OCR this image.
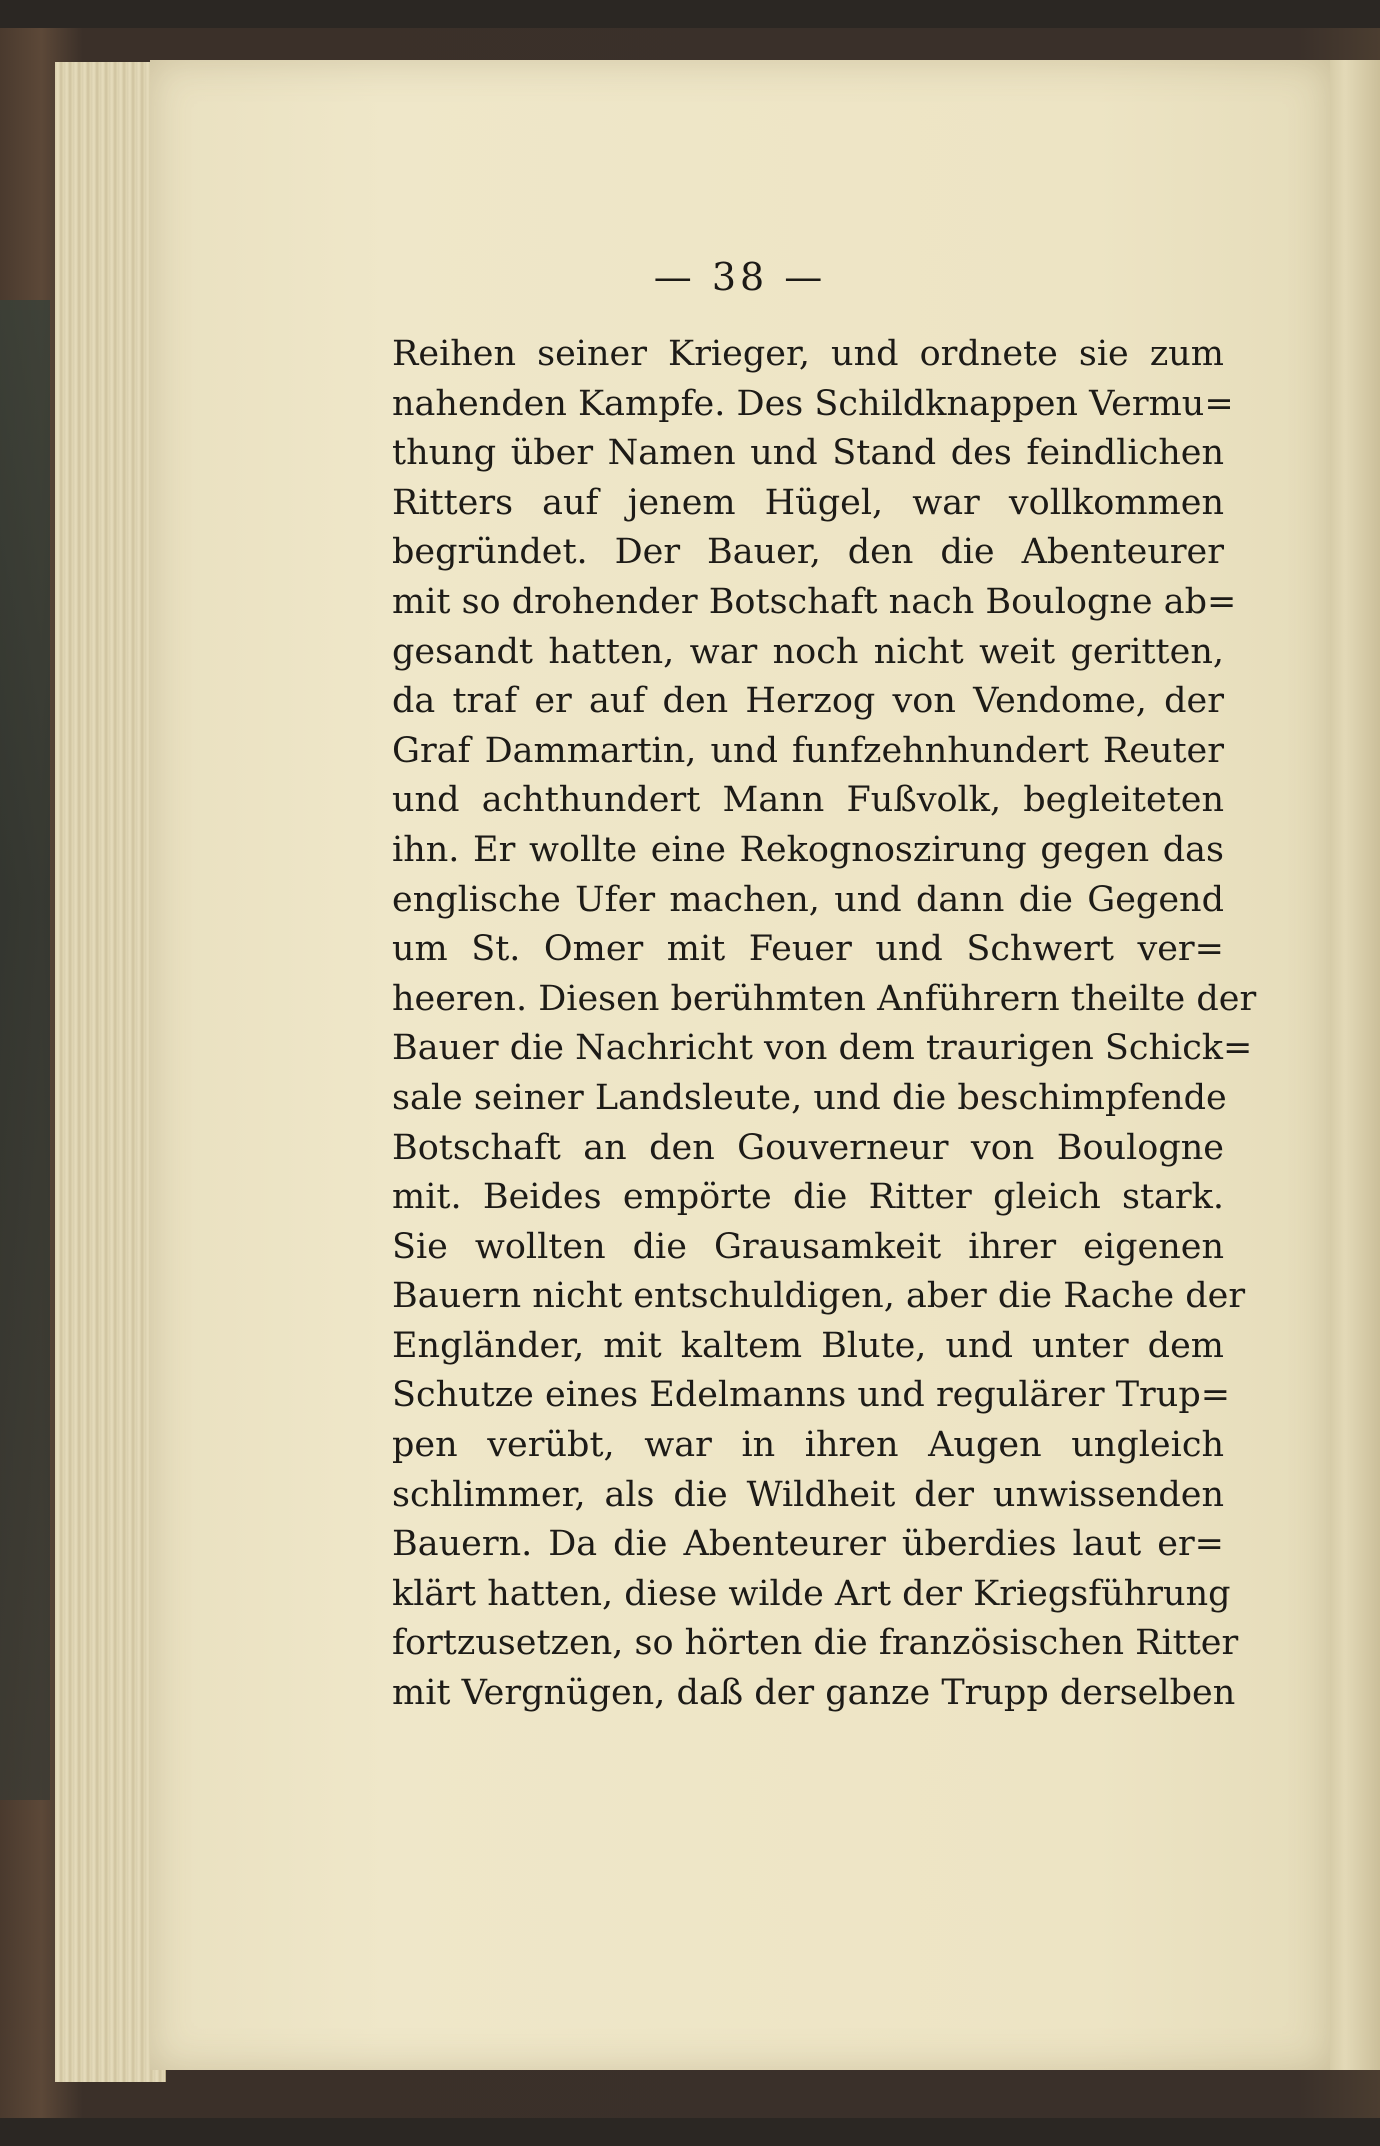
— 38 —
Reihen seiner Krieger, und ordnete sie zum
nahenden Kampfe. Des Schildknappen Vermu=
thung über Namen und Stand des feindlichen
Ritters auf jenem Hügel, war vollkommen
begründet. Der Bauer, den die Abenteurer
mit so drohender Botschaft nach Boulogne ab=
gesandt hatten, war noch nicht weit geritten,
da traf er auf den Herzog von Vendome, der
Graf Dammartin, und funfzehnhundert Reuter
und achthundert Mann Fußvolk, begleiteten
ihn. Er wollte eine Rekognoszirung gegen das
englische Ufer machen, und dann die Gegend
um St. Omer mit Feuer und Schwert ver=
heeren. Diesen berühmten Anführern theilte der
Bauer die Nachricht von dem traurigen Schick=
sale seiner Landsleute, und die beschimpfende
Botschaft an den Gouverneur von Boulogne
mit. Beides empörte die Ritter gleich stark.
Sie wollten die Grausamkeit ihrer eigenen
Bauern nicht entschuldigen, aber die Rache der
Engländer, mit kaltem Blute, und unter dem
Schutze eines Edelmanns und regulärer Trup=
pen verübt, war in ihren Augen ungleich
schlimmer, als die Wildheit der unwissenden
Bauern. Da die Abenteurer überdies laut er=
klärt hatten, diese wilde Art der Kriegsführung
fortzusetzen, so hörten die französischen Ritter
mit Vergnügen, daß der ganze Trupp derselben
